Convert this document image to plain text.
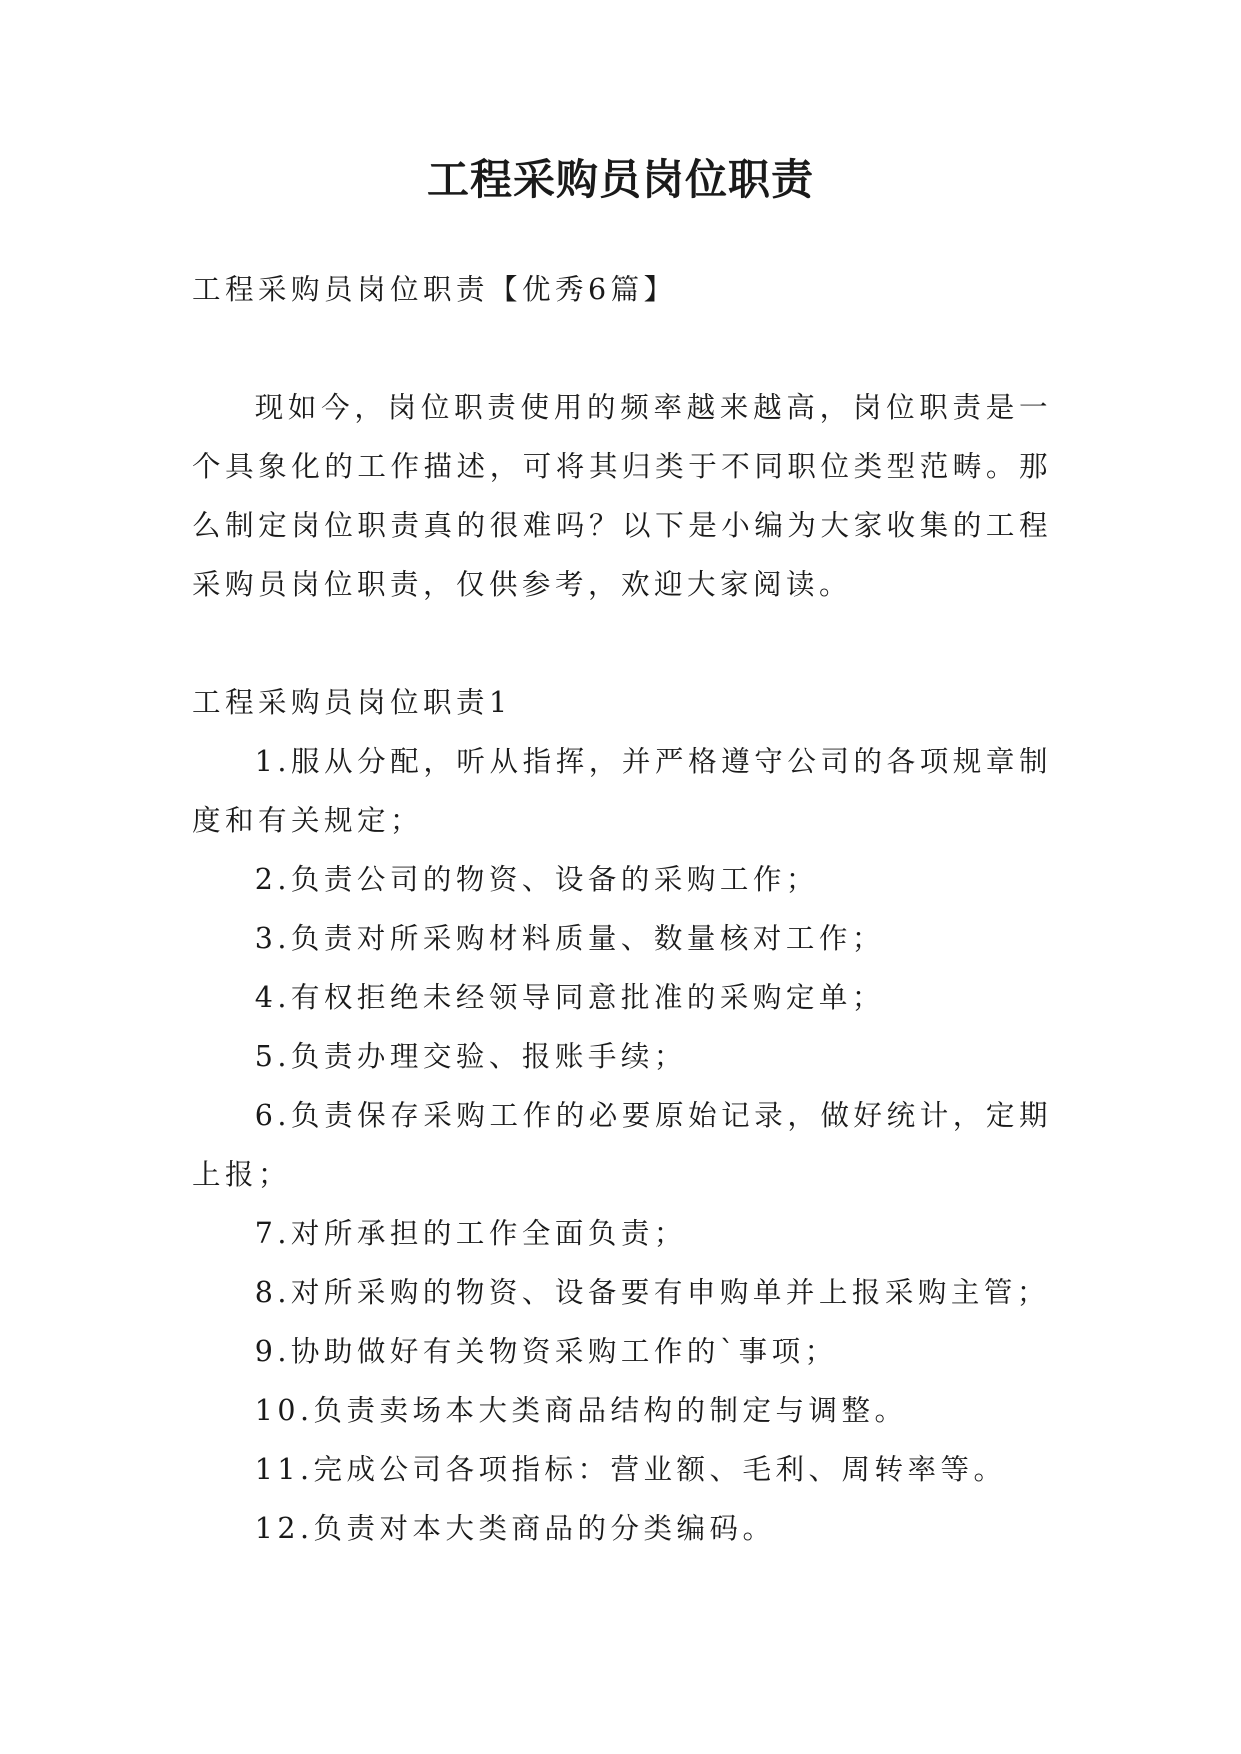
工程采购员岗位职责

工程采购员岗位职责【优秀6篇】

现如今，岗位职责使用的频率越来越高，岗位职责是一个具象化的工作描述，可将其归类于不同职位类型范畴。那么制定岗位职责真的很难吗？以下是小编为大家收集的工程采购员岗位职责，仅供参考，欢迎大家阅读。

工程采购员岗位职责1

1.服从分配，听从指挥，并严格遵守公司的各项规章制度和有关规定；

2.负责公司的物资、设备的采购工作；

3.负责对所采购材料质量、数量核对工作；

4.有权拒绝未经领导同意批准的采购定单；

5.负责办理交验、报账手续；

6.负责保存采购工作的必要原始记录，做好统计，定期上报；

7.对所承担的工作全面负责；

8.对所采购的物资、设备要有申购单并上报采购主管；

9.协助做好有关物资采购工作的`事项；

10.负责卖场本大类商品结构的制定与调整。

11.完成公司各项指标：营业额、毛利、周转率等。

12.负责对本大类商品的分类编码。
